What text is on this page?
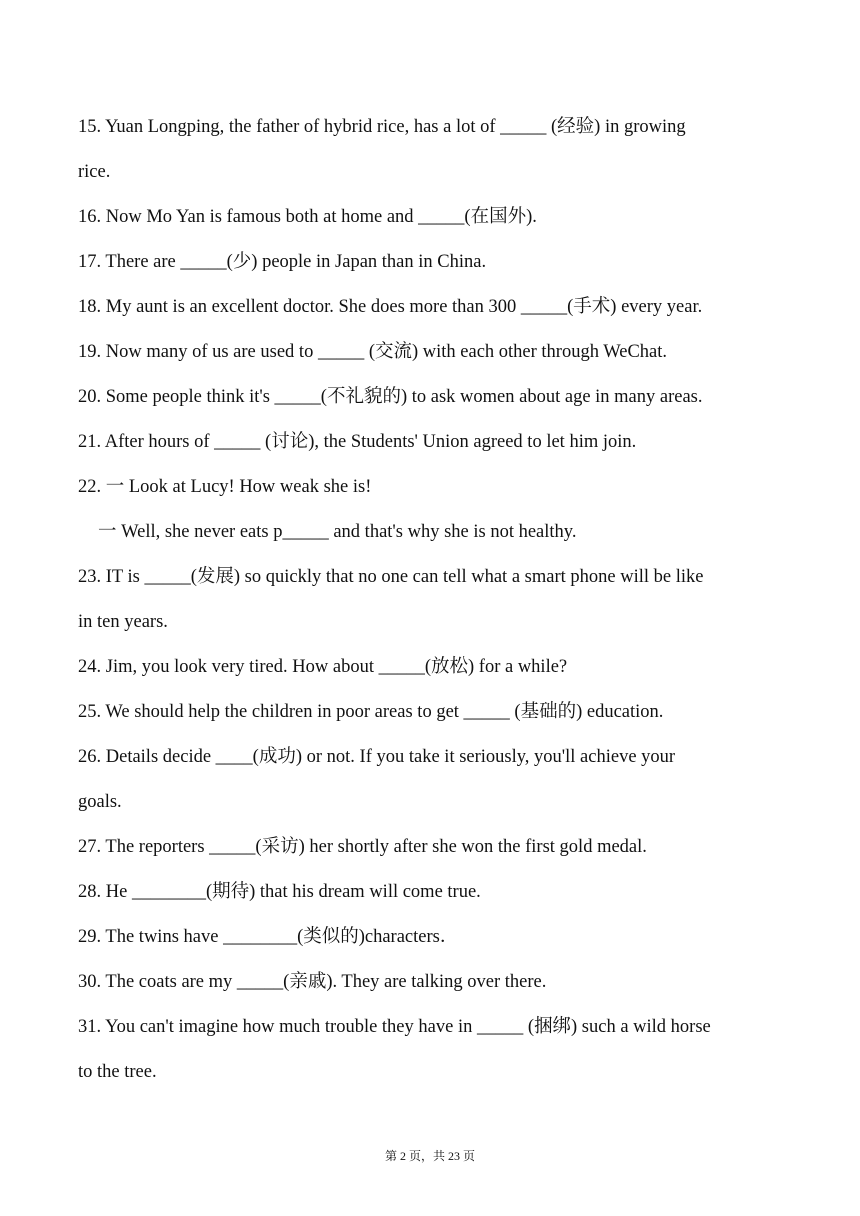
15. Yuan Longping, the father of hybrid rice, has a lot of _____ (经验) in growing
rice.
16. Now Mo Yan is famous both at home and _____(在国外).
17. There are _____(少) people in Japan than in China.
18. My aunt is an excellent doctor. She does more than 300 _____(手术) every year.
19. Now many of us are used to _____ (交流) with each other through WeChat.
20. Some people think it's _____(不礼貌的) to ask women about age in many areas.
21. After hours of _____ (讨论), the Students' Union agreed to let him join.
22. 一 Look at Lucy! How weak she is!
一 Well, she never eats p_____ and that's why she is not healthy.
23. IT is _____(发展) so quickly that no one can tell what a smart phone will be like
in ten years.
24. Jim, you look very tired. How about _____(放松) for a while?
25. We should help the children in poor areas to get _____ (基础的) education.
26. Details decide ____(成功) or not. If you take it seriously, you'll achieve your
goals.
27. The reporters _____(采访) her shortly after she won the first gold medal.
28. He ________(期待) that his dream will come true.
29. The twins have ________(类似的)characters．
30. The coats are my _____(亲戚). They are talking over there.
31. You can't imagine how much trouble they have in _____ (捆绑) such a wild horse
to the tree.
第 2 页，共 23 页
